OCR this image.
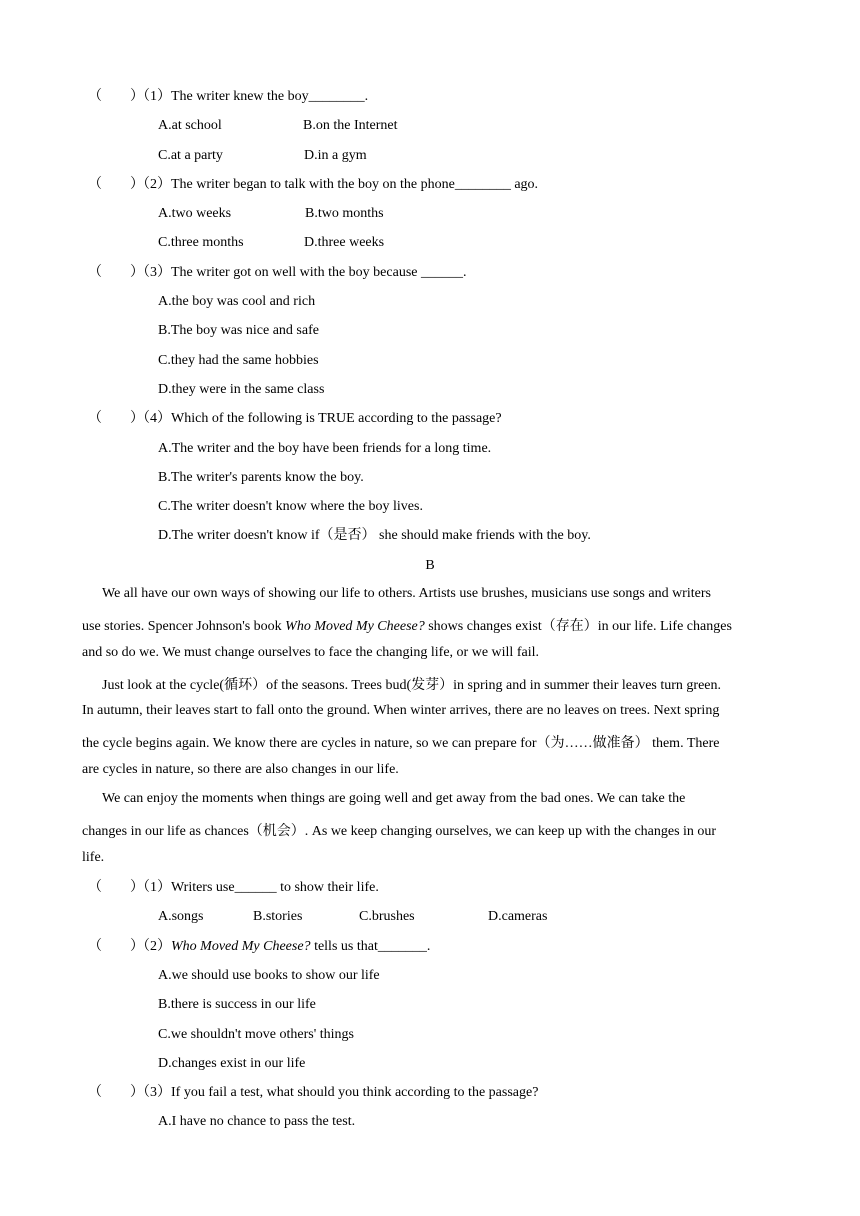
（　　）（1）The writer knew the boy________.
A.at school	B.on the Internet
C.at a party	D.in a gym
（　　）（2）The writer began to talk with the boy on the phone________ ago.
A.two weeks	B.two months
C.three months	D.three weeks
（　　）（3）The writer got on well with the boy because ______.
A.the boy was cool and rich
B.The boy was nice and safe
C.they had the same hobbies
D.they were in the same class
（　　）（4）Which of the following is TRUE according to the passage?
A.The writer and the boy have been friends for a long time.
B.The writer's parents know the boy.
C.The writer doesn't know where the boy lives.
D.The writer doesn't know if（是否） she should make friends with the boy.
B
We all have our own ways of showing our life to others. Artists use brushes, musicians use songs and writers
use stories. Spencer Johnson's book Who Moved My Cheese? shows changes exist（存在）in our life. Life changes
and so do we. We must change ourselves to face the changing life, or we will fail.
Just look at the cycle(循环）of the seasons. Trees bud(发芽）in spring and in summer their leaves turn green.
In autumn, their leaves start to fall onto the ground. When winter arrives, there are no leaves on trees. Next spring
the cycle begins again. We know there are cycles in nature, so we can prepare for（为……做准备） them. There
are cycles in nature, so there are also changes in our life.
We can enjoy the moments when things are going well and get away from the bad ones. We can take the
changes in our life as chances（机会）. As we keep changing ourselves, we can keep up with the changes in our
life.
（　　）（1）Writers use______ to show their life.
A.songs	B.stories	C.brushes	D.cameras
（　　）（2）Who Moved My Cheese? tells us that_______.
A.we should use books to show our life
B.there is success in our life
C.we shouldn't move others' things
D.changes exist in our life
（　　）（3）If you fail a test, what should you think according to the passage?
A.I have no chance to pass the test.
